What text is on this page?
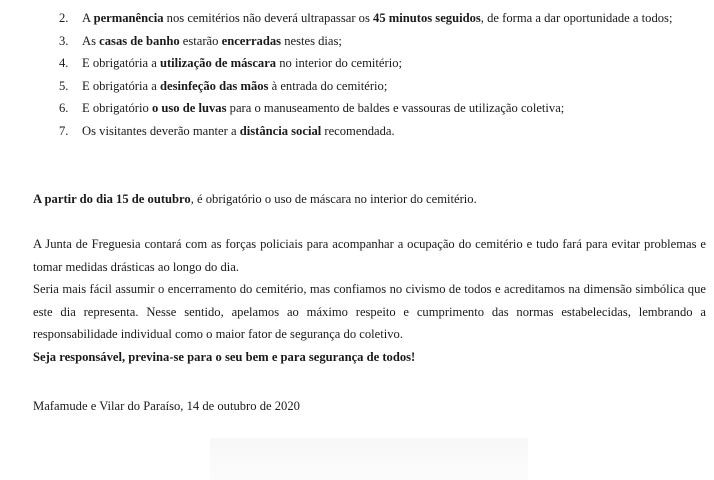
2. A permanência nos cemitérios não deverá ultrapassar os 45 minutos seguidos, de forma a dar oportunidade a todos;
3. As casas de banho estarão encerradas nestes dias;
4. E obrigatória a utilização de máscara no interior do cemitério;
5. E obrigatória a desinfeção das mãos à entrada do cemitério;
6. E obrigatório o uso de luvas para o manuseamento de baldes e vassouras de utilização coletiva;
7. Os visitantes deverão manter a distância social recomendada.

A partir do dia 15 de outubro, é obrigatório o uso de máscara no interior do cemitério.

A Junta de Freguesia contará com as forças policiais para acompanhar a ocupação do cemitério e tudo fará para evitar problemas e tomar medidas drásticas ao longo do dia.

Seria mais fácil assumir o encerramento do cemitério, mas confiamos no civismo de todos e acreditamos na dimensão simbólica que este dia representa. Nesse sentido, apelamos ao máximo respeito e cumprimento das normas estabelecidas, lembrando a responsabilidade individual como o maior fator de segurança do coletivo.

Seja responsável, previna-se para o seu bem e para segurança de todos!

Mafamude e Vilar do Paraíso, 14 de outubro de 2020
